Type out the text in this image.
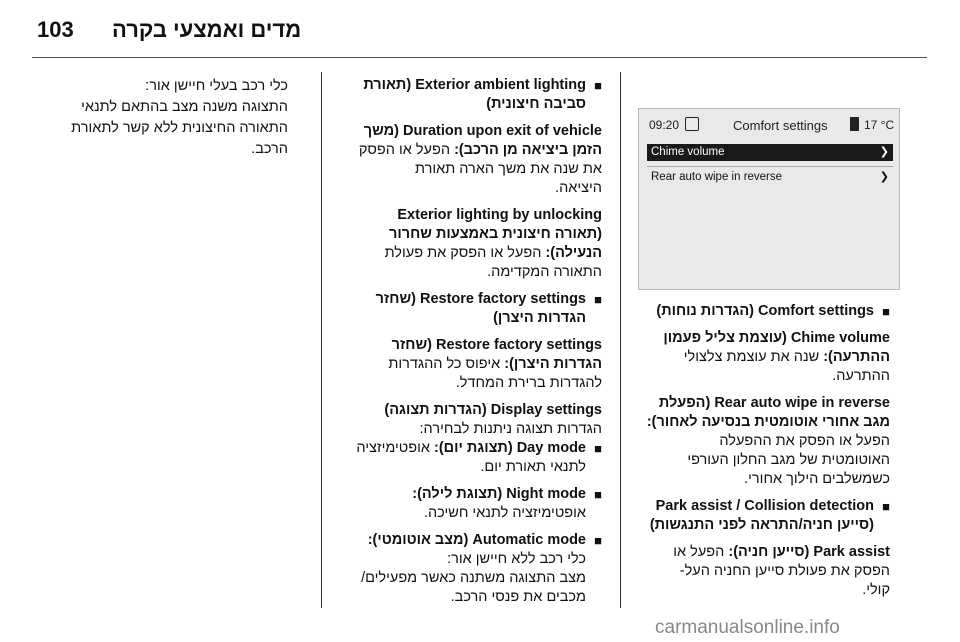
103 מדים ואמצעי בקרה
09:20	Comfort settings	17 °C
Chime volume	❯
Rear auto wipe in reverse	❯
■

Comfort settings (הגדרות נוחות)

Chime volume (עוצמת צליל פעמון

ההתרעה): שנה את עוצמת צלצולי

ההתרעה.

Rear auto wipe in reverse (הפעלת

מגב אחורי אוטומטית בנסיעה לאחור):

הפעל או הפסק את ההפעלה

האוטומטית של מגב החלון העורפי

כשמשלבים הילוך אחורי.

■

Park assist / Collision detection

(סייען חניה/התראה לפני התנגשות)

Park assist (סייען חניה): הפעל או

הפסק את פעולת סייען החניה העל-

קולי.

■

Exterior ambient lighting (תאורת

סביבה חיצונית)

Duration upon exit of vehicle (משך

הזמן ביציאה מן הרכב): הפעל או הפסק

את שנה את משך הארה תאורת

היציאה.

Exterior lighting by unlocking

(תאורה חיצונית באמצעות שחרור

הנעילה): הפעל או הפסק את פעולת

התאורה המקדימה.

■

Restore factory settings (שחזר

הגדרות היצרן)

Restore factory settings (שחזר

הגדרות היצרן): איפוס כל ההגדרות

להגדרות ברירת המחדל.

Display settings (הגדרות תצוגה)

הגדרות תצוגה ניתנות לבחירה:

■

Day mode (תצוגת יום): אופטימיזציה

לתנאי תאורת יום.

■

Night mode (תצוגת לילה):

אופטימיזציה לתנאי חשיכה.

■

Automatic mode (מצב אוטומטי):

כלי רכב ללא חיישן אור:

מצב התצוגה משתנה כאשר מפעילים/

מכבים את פנסי הרכב.

כלי רכב בעלי חיישן אור:

התצוגה משנה מצב בהתאם לתנאי

התאורה החיצונית ללא קשר לתאורת

הרכב.

carmanualsonline.info
